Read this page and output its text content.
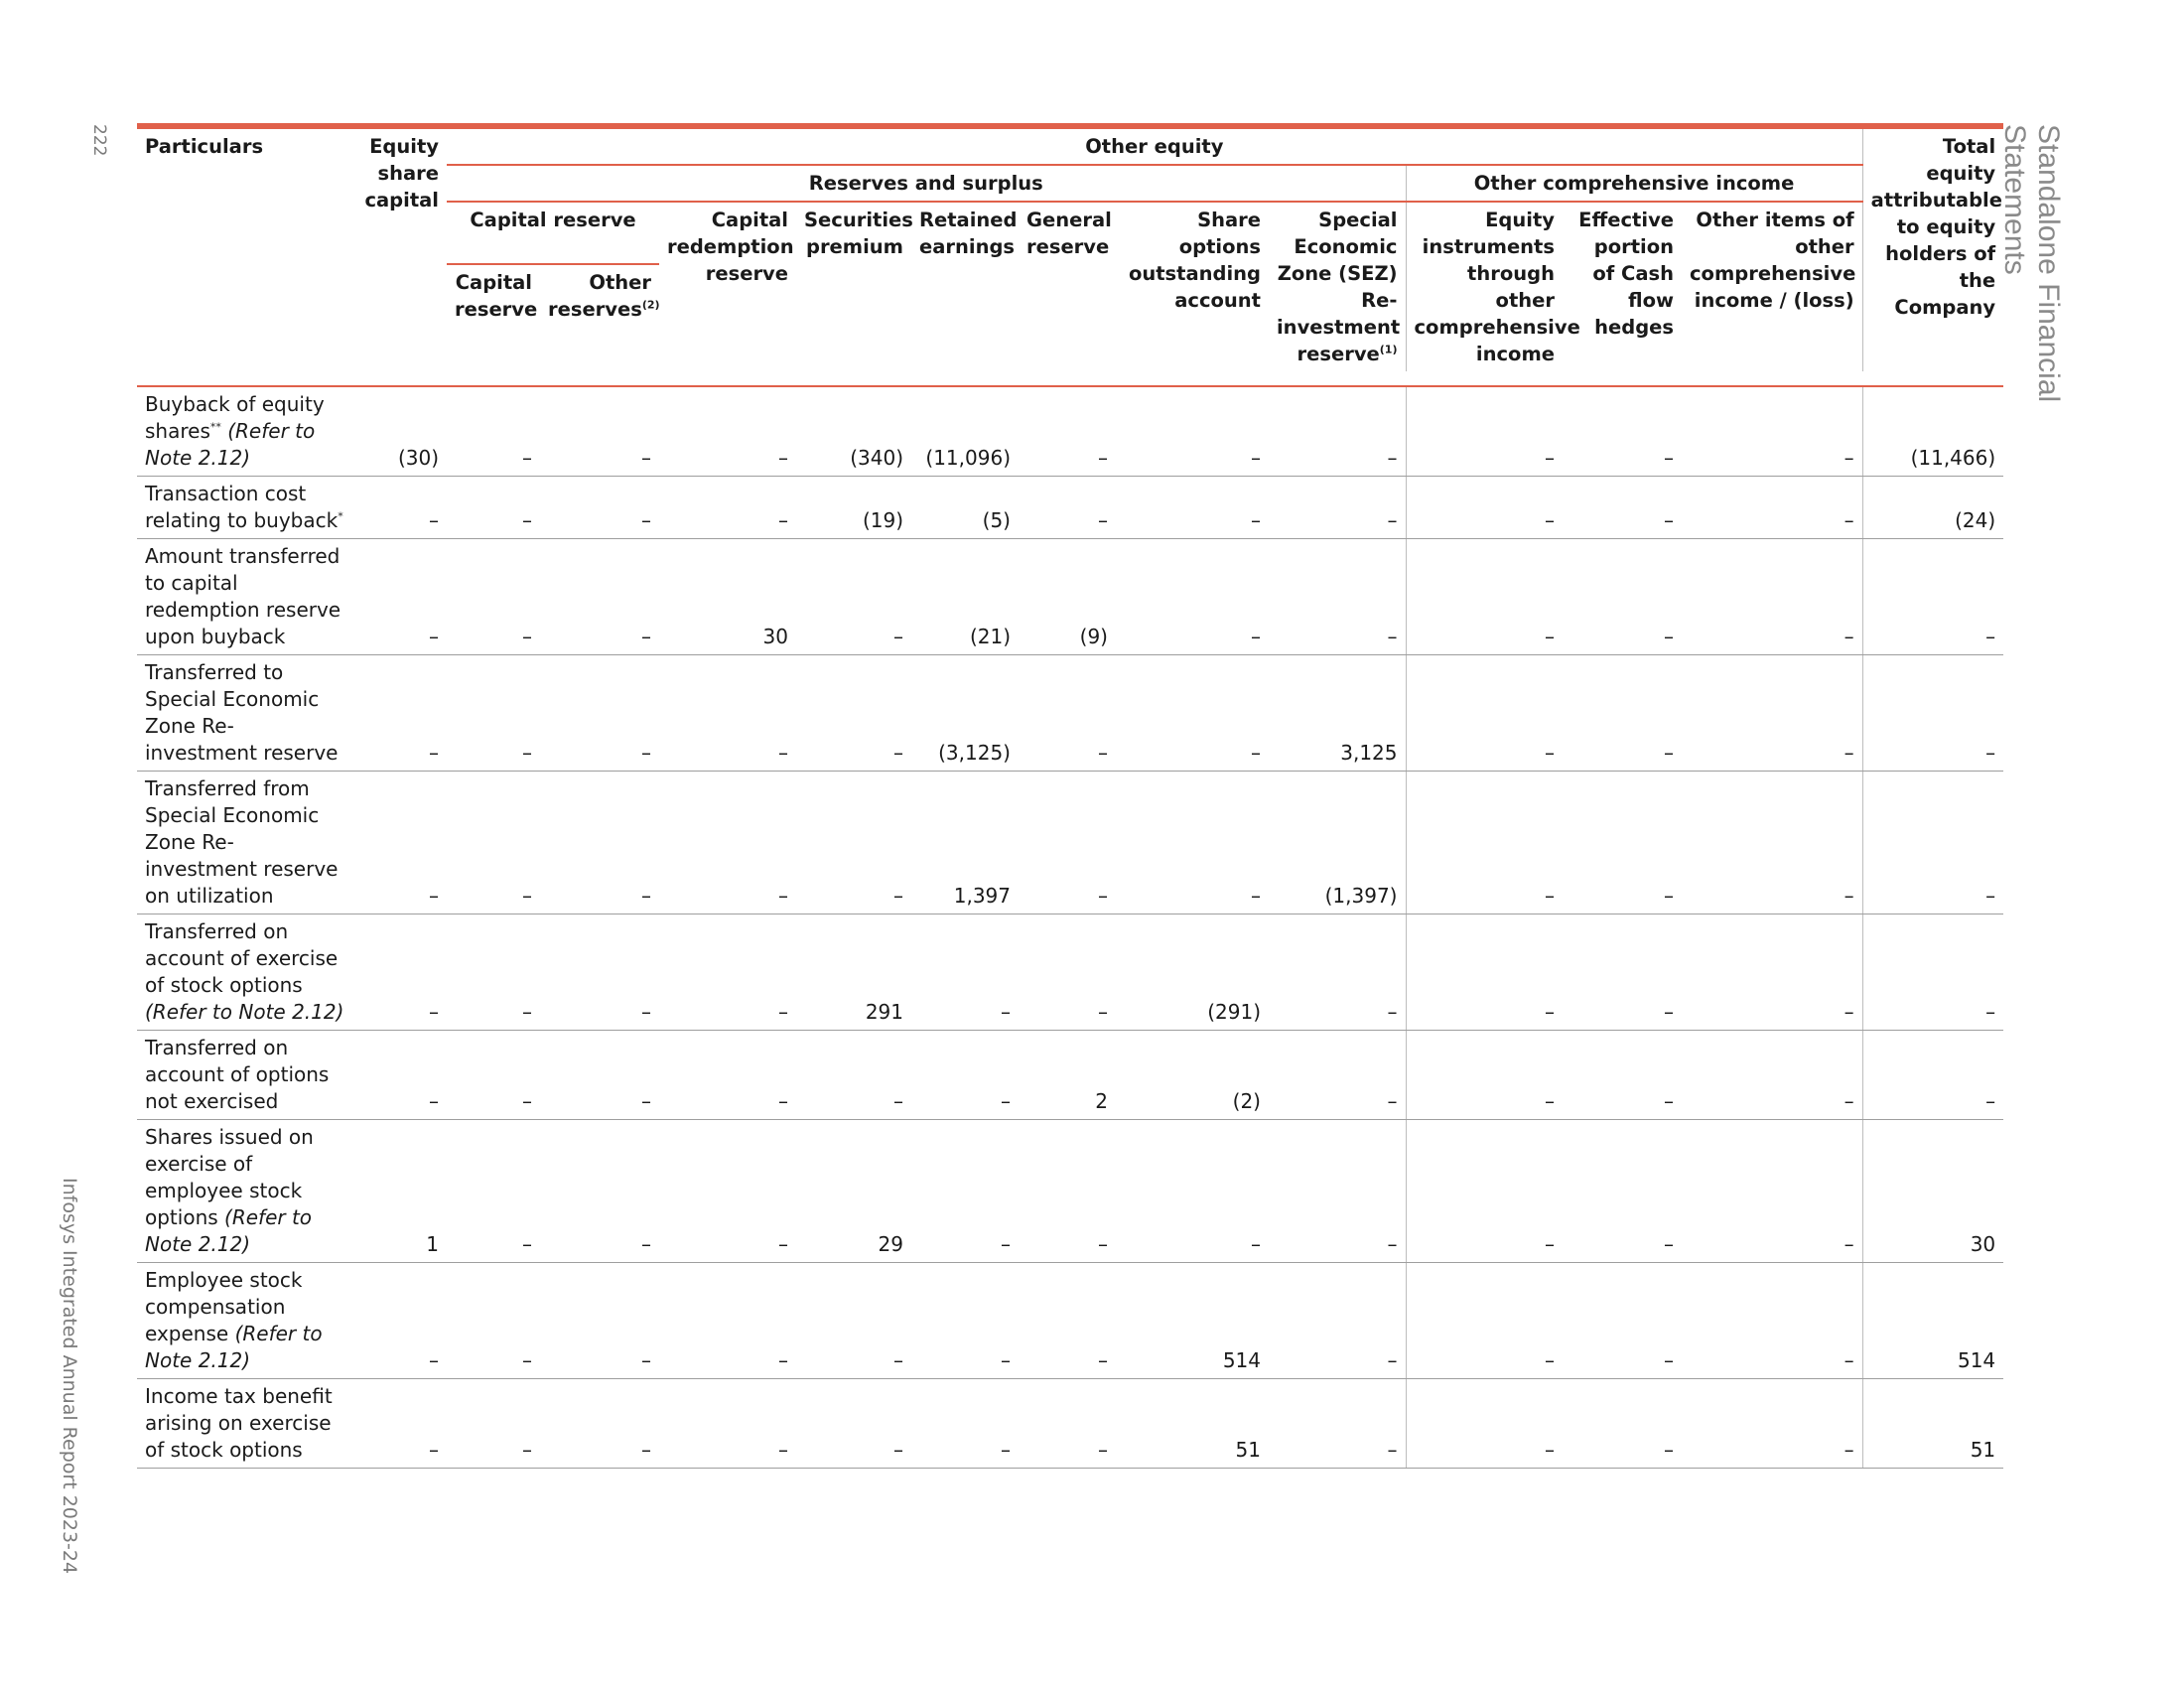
222
Infosys Integrated Annual Report 2023-24
Standalone Financial Statements
Particulars	Equity share capital	Other equity											Total equity attributable to equity holders of the Company
		Reserves and surplus								Other comprehensive income			
		Capital reserve		Capital redemption reserve	Securities premium	Retained earnings	General reserve	Share options outstanding account	Special Economic Zone (SEZ) Re-investment reserve$^{(1)}$	Equity instruments through other comprehensive income	Effective portion of Cash flow hedges	Other items of other comprehensive income / (loss)	
		Capital reserve	Other reserves$^{(2)}$

Buyback of equity shares** (Refer to Note 2.12)	(30)	–	–	–	(340)	(11,096)	–	–	–	–	–	–	(11,466)
Transaction cost relating to buyback*	–	–	–	–	(19)	(5)	–	–	–	–	–	–	(24)
Amount transferred to capital redemption reserve upon buyback	–	–	–	30	–	(21)	(9)	–	–	–	–	–	–
Transferred to Special Economic Zone Re-investment reserve	–	–	–	–	–	(3,125)	–	–	3,125	–	–	–	–
Transferred from Special Economic Zone Re-investment reserve on utilization	–	–	–	–	–	1,397	–	–	(1,397)	–	–	–	–
Transferred on account of exercise of stock options (Refer to Note 2.12)	–	–	–	–	291	–	–	(291)	–	–	–	–	–
Transferred on account of options not exercised	–	–	–	–	–	–	2	(2)	–	–	–	–	–
Shares issued on exercise of employee stock options (Refer to Note 2.12)	1	–	–	–	29	–	–	–	–	–	–	–	30
Employee stock compensation expense (Refer to Note 2.12)	–	–	–	–	–	–	–	514	–	–	–	–	514
Income tax benefit arising on exercise of stock options	–	–	–	–	–	–	–	51	–	–	–	–	51
